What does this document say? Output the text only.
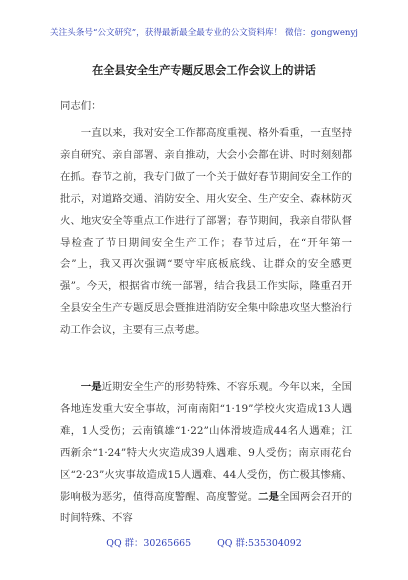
关注头条号“公文研究”，获得最新最全最专业的公文资料库！ 微信：gongwenyj
在全县安全生产专题反思会工作会议上的讲话
同志们：

一直以来，我对安全工作都高度重视、格外看重，一直坚持亲自研究、亲自部署、亲自推动，大会小会都在讲、时时刻刻都在抓。春节之前，我专门做了一个关于做好春节期间安全工作的批示，对道路交通、消防安全、用火安全、生产安全、森林防灭火、地灾安全等重点工作进行了部署；春节期间，我亲自带队督导检查了节日期间安全生产工作；春节过后，在“开年第一会”上，我又再次强调“要守牢底板底线、让群众的安全感更强”。今天，根据省市统一部署，结合我县工作实际，隆重召开全县安全生产专题反思会暨推进消防安全集中除患攻坚大整治行动工作会议，主要有三点考虑。

一是近期安全生产的形势特殊、不容乐观。今年以来，全国各地连发重大安全事故，河南南阳“1·19”学校火灾造成13人遇难，1人受伤；云南镇雄“1·22”山体滑坡造成44名人遇难；江西新余“1·24”特大火灾造成39人遇难、9人受伤；南京雨花台区“2·23”火灾事故造成15人遇难、44人受伤，伤亡极其惨痛、影响极为恶劣，值得高度警醒、高度警觉。二是全国两会召开的时间特殊、不容

QQ 群：30265665	QQ 群:535304092
